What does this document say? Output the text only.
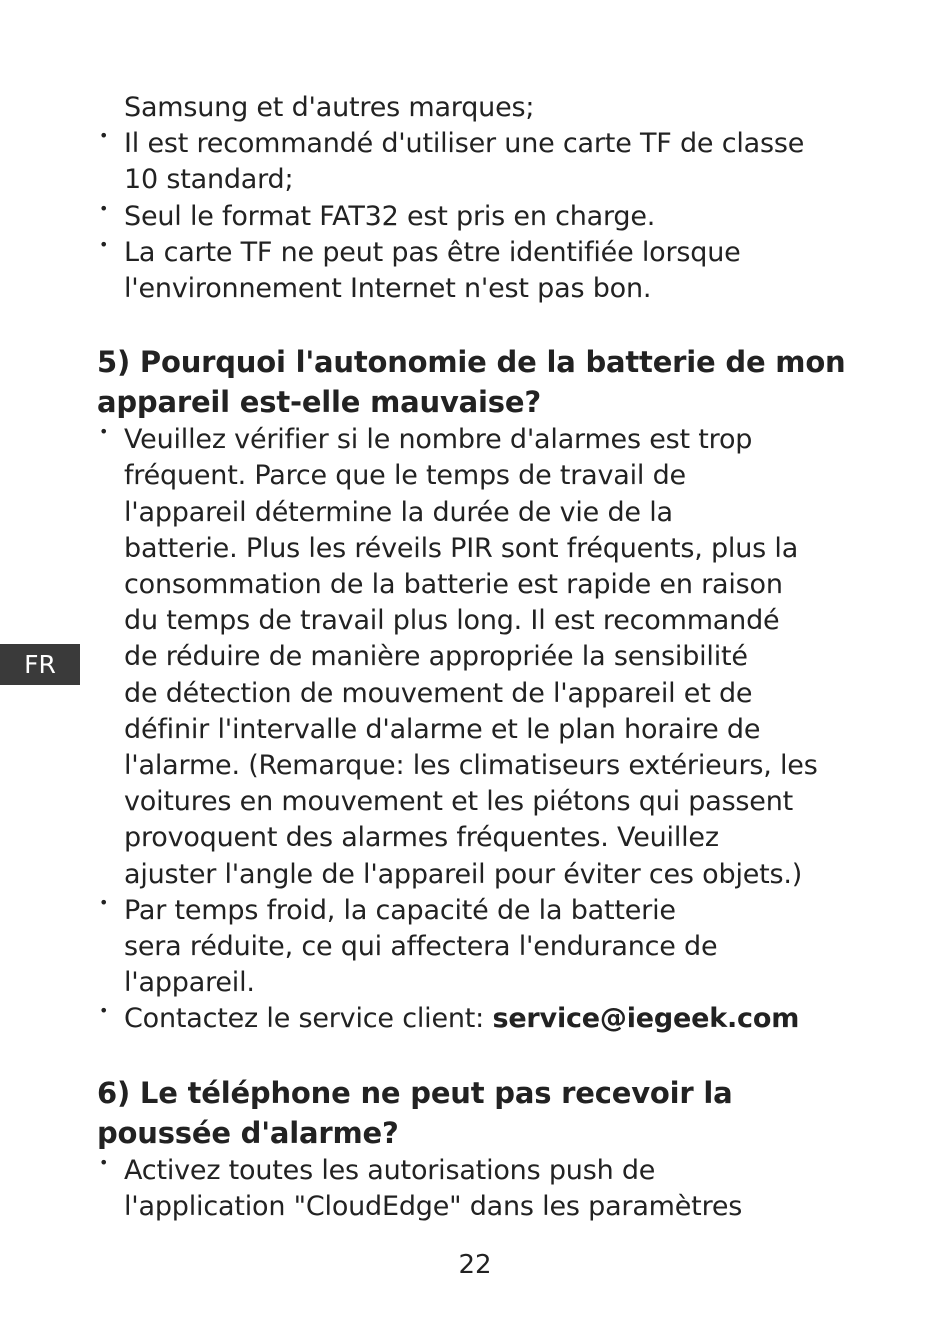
FR
Samsung et d'autres marques;
• Il est recommandé d'utiliser une carte TF de classe
10 standard;
• Seul le format FAT32 est pris en charge.
• La carte TF ne peut pas être identifiée lorsque
l'environnement Internet n'est pas bon.
5) Pourquoi l'autonomie de la batterie de mon
appareil est-elle mauvaise?
• Veuillez vérifier si le nombre d'alarmes est trop
fréquent. Parce que le temps de travail de
l'appareil détermine la durée de vie de la
batterie. Plus les réveils PIR sont fréquents, plus la
consommation de la batterie est rapide en raison
du temps de travail plus long. Il est recommandé
de réduire de manière appropriée la sensibilité
de détection de mouvement de l'appareil et de
définir l'intervalle d'alarme et le plan horaire de
l'alarme. (Remarque: les climatiseurs extérieurs, les
voitures en mouvement et les piétons qui passent
provoquent des alarmes fréquentes. Veuillez
ajuster l'angle de l'appareil pour éviter ces objets.)
• Par temps froid, la capacité de la batterie
sera réduite, ce qui affectera l'endurance de
l'appareil.
• Contactez le service client: service@iegeek.com
6) Le téléphone ne peut pas recevoir la
poussée d'alarme?
• Activez toutes les autorisations push de
l'application "CloudEdge" dans les paramètres
22
